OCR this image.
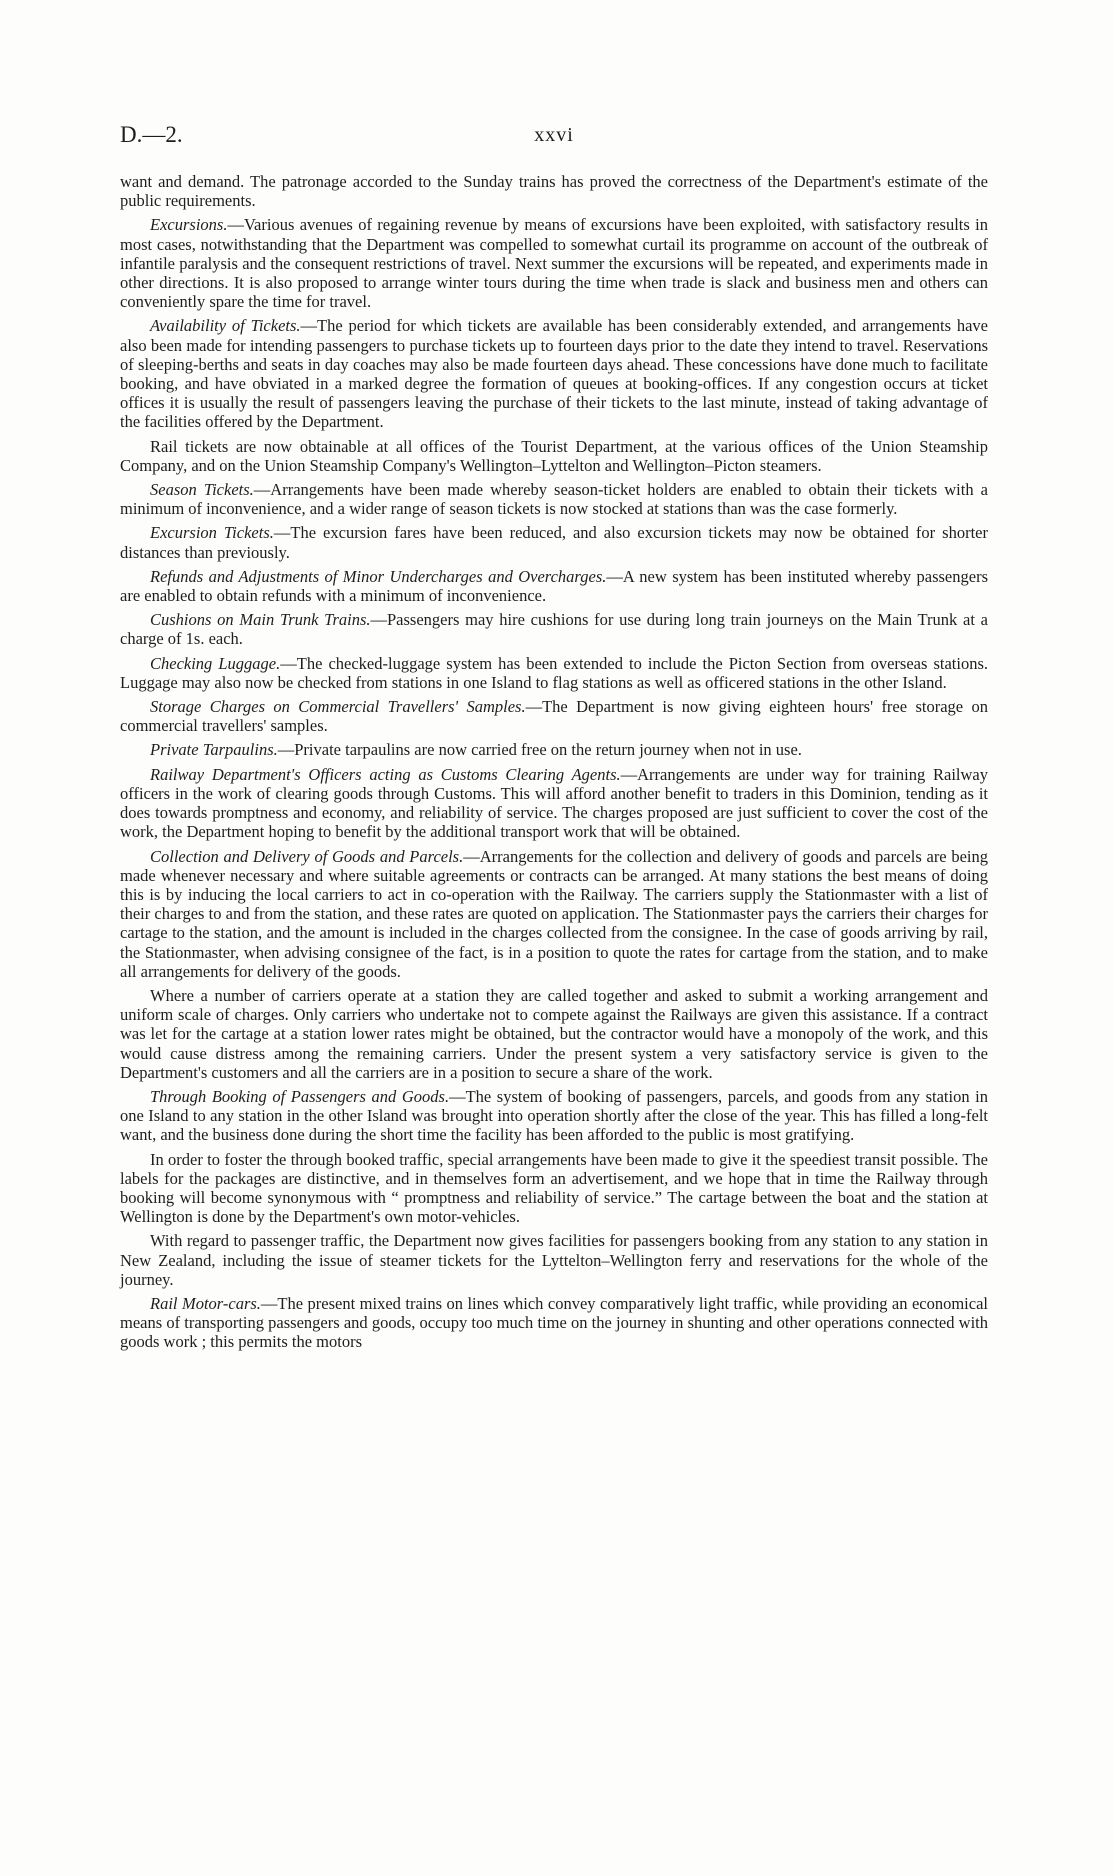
D.—2.	xxvi

want and demand. The patronage accorded to the Sunday trains has proved the correctness of the Department's estimate of the public requirements.

Excursions.—Various avenues of regaining revenue by means of excursions have been exploited, with satisfactory results in most cases, notwithstanding that the Department was compelled to somewhat curtail its programme on account of the outbreak of infantile paralysis and the consequent restrictions of travel. Next summer the excursions will be repeated, and experiments made in other directions. It is also proposed to arrange winter tours during the time when trade is slack and business men and others can conveniently spare the time for travel.

Availability of Tickets.—The period for which tickets are available has been considerably extended, and arrangements have also been made for intending passengers to purchase tickets up to fourteen days prior to the date they intend to travel. Reservations of sleeping-berths and seats in day coaches may also be made fourteen days ahead. These concessions have done much to facilitate booking, and have obviated in a marked degree the formation of queues at booking-offices. If any congestion occurs at ticket offices it is usually the result of passengers leaving the purchase of their tickets to the last minute, instead of taking advantage of the facilities offered by the Department.

Rail tickets are now obtainable at all offices of the Tourist Department, at the various offices of the Union Steamship Company, and on the Union Steamship Company's Wellington–Lyttelton and Wellington–Picton steamers.

Season Tickets.—Arrangements have been made whereby season-ticket holders are enabled to obtain their tickets with a minimum of inconvenience, and a wider range of season tickets is now stocked at stations than was the case formerly.

Excursion Tickets.—The excursion fares have been reduced, and also excursion tickets may now be obtained for shorter distances than previously.

Refunds and Adjustments of Minor Undercharges and Overcharges.—A new system has been instituted whereby passengers are enabled to obtain refunds with a minimum of inconvenience.

Cushions on Main Trunk Trains.—Passengers may hire cushions for use during long train journeys on the Main Trunk at a charge of 1s. each.

Checking Luggage.—The checked-luggage system has been extended to include the Picton Section from overseas stations. Luggage may also now be checked from stations in one Island to flag stations as well as officered stations in the other Island.

Storage Charges on Commercial Travellers' Samples.—The Department is now giving eighteen hours' free storage on commercial travellers' samples.

Private Tarpaulins.—Private tarpaulins are now carried free on the return journey when not in use.

Railway Department's Officers acting as Customs Clearing Agents.—Arrangements are under way for training Railway officers in the work of clearing goods through Customs. This will afford another benefit to traders in this Dominion, tending as it does towards promptness and economy, and reliability of service. The charges proposed are just sufficient to cover the cost of the work, the Department hoping to benefit by the additional transport work that will be obtained.

Collection and Delivery of Goods and Parcels.—Arrangements for the collection and delivery of goods and parcels are being made whenever necessary and where suitable agreements or contracts can be arranged. At many stations the best means of doing this is by inducing the local carriers to act in co-operation with the Railway. The carriers supply the Stationmaster with a list of their charges to and from the station, and these rates are quoted on application. The Stationmaster pays the carriers their charges for cartage to the station, and the amount is included in the charges collected from the consignee. In the case of goods arriving by rail, the Stationmaster, when advising consignee of the fact, is in a position to quote the rates for cartage from the station, and to make all arrangements for delivery of the goods.

Where a number of carriers operate at a station they are called together and asked to submit a working arrangement and uniform scale of charges. Only carriers who undertake not to compete against the Railways are given this assistance. If a contract was let for the cartage at a station lower rates might be obtained, but the contractor would have a monopoly of the work, and this would cause distress among the remaining carriers. Under the present system a very satisfactory service is given to the Department's customers and all the carriers are in a position to secure a share of the work.

Through Booking of Passengers and Goods.—The system of booking of passengers, parcels, and goods from any station in one Island to any station in the other Island was brought into operation shortly after the close of the year. This has filled a long-felt want, and the business done during the short time the facility has been afforded to the public is most gratifying.

In order to foster the through booked traffic, special arrangements have been made to give it the speediest transit possible. The labels for the packages are distinctive, and in themselves form an advertisement, and we hope that in time the Railway through booking will become synonymous with “ promptness and reliability of service.” The cartage between the boat and the station at Wellington is done by the Department's own motor-vehicles.

With regard to passenger traffic, the Department now gives facilities for passengers booking from any station to any station in New Zealand, including the issue of steamer tickets for the Lyttelton–Wellington ferry and reservations for the whole of the journey.

Rail Motor-cars.—The present mixed trains on lines which convey comparatively light traffic, while providing an economical means of transporting passengers and goods, occupy too much time on the journey in shunting and other operations connected with goods work ; this permits the motors
